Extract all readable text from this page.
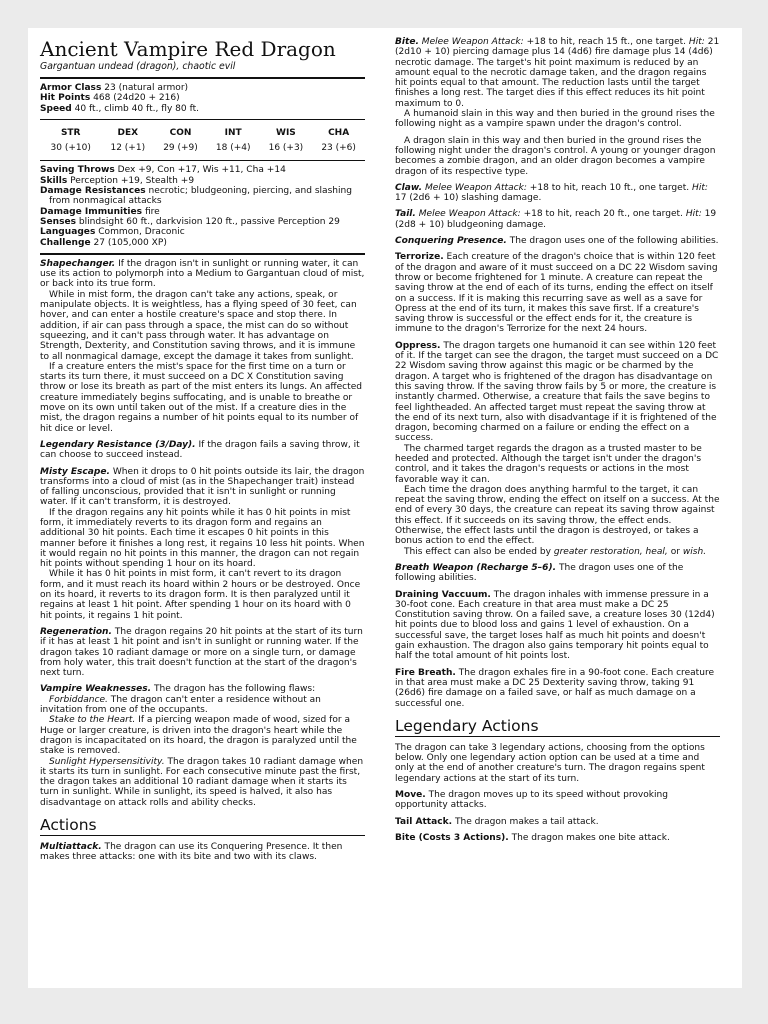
Ancient Vampire Red Dragon
Gargantuan undead (dragon), chaotic evil

Armor Class 23 (natural armor)

Hit Points 468 (24d20 + 216)

Speed 40 ft., climb 40 ft., fly 80 ft.

STR	DEX	CON	INT	WIS	CHA
30 (+10)	12 (+1)	29 (+9)	18 (+4)	16 (+3)	23 (+6)

Saving Throws Dex +9, Con +17, Wis +11, Cha +14

Skills Perception +19, Stealth +9

Damage Resistances necrotic; bludgeoning, piercing, and slashing from nonmagical attacks

Damage Immunities fire

Senses blindsight 60 ft., darkvision 120 ft., passive Perception 29

Languages Common, Draconic

Challenge 27 (105,000 XP)

Shapechanger. If the dragon isn't in sunlight or running water, it can use its action to polymorph into a Medium to Gargantuan cloud of mist, or back into its true form.

While in mist form, the dragon can't take any actions, speak, or manipulate objects. It is weightless, has a flying speed of 30 feet, can hover, and can enter a hostile creature's space and stop there. In addition, if air can pass through a space, the mist can do so without squeezing, and it can't pass through water. It has advantage on Strength, Dexterity, and Constitution saving throws, and it is immune to all nonmagical damage, except the damage it takes from sunlight.

If a creature enters the mist's space for the first time on a turn or starts its turn there, it must succeed on a DC X Constitution saving throw or lose its breath as part of the mist enters its lungs. An affected creature immediately begins suffocating, and is unable to breathe or move on its own until taken out of the mist. If a creature dies in the mist, the dragon regains a number of hit points equal to its number of hit dice or level.

Legendary Resistance (3/Day). If the dragon fails a saving throw, it can choose to succeed instead.

Misty Escape. When it drops to 0 hit points outside its lair, the dragon transforms into a cloud of mist (as in the Shapechanger trait) instead of falling unconscious, provided that it isn't in sunlight or running water. If it can't transform, it is destroyed.

If the dragon regains any hit points while it has 0 hit points in mist form, it immediately reverts to its dragon form and regains an additional 30 hit points. Each time it escapes 0 hit points in this manner before it finishes a long rest, it regains 10 less hit points. When it would regain no hit points in this manner, the dragon can not regain hit points without spending 1 hour on its hoard.

While it has 0 hit points in mist form, it can't revert to its dragon form, and it must reach its hoard within 2 hours or be destroyed. Once on its hoard, it reverts to its dragon form. It is then paralyzed until it regains at least 1 hit point. After spending 1 hour on its hoard with 0 hit points, it regains 1 hit point.

Regeneration. The dragon regains 20 hit points at the start of its turn if it has at least 1 hit point and isn't in sunlight or running water. If the dragon takes 10 radiant damage or more on a single turn, or damage from holy water, this trait doesn't function at the start of the dragon's next turn.

Vampire Weaknesses. The dragon has the following flaws:

Forbiddance. The dragon can't enter a residence without an invitation from one of the occupants.

Stake to the Heart. If a piercing weapon made of wood, sized for a Huge or larger creature, is driven into the dragon's heart while the dragon is incapacitated on its hoard, the dragon is paralyzed until the stake is removed.

Sunlight Hypersensitivity. The dragon takes 10 radiant damage when it starts its turn in sunlight. For each consecutive minute past the first, the dragon takes an additional 10 radiant damage when it starts its turn in sunlight. While in sunlight, its speed is halved, it also has disadvantage on attack rolls and ability checks.

Actions

Multiattack. The dragon can use its Conquering Presence. It then makes three attacks: one with its bite and two with its claws.

Bite. Melee Weapon Attack: +18 to hit, reach 15 ft., one target. Hit: 21 (2d10 + 10) piercing damage plus 14 (4d6) fire damage plus 14 (4d6) necrotic damage. The target's hit point maximum is reduced by an amount equal to the necrotic damage taken, and the dragon regains hit points equal to that amount. The reduction lasts until the target finishes a long rest. The target dies if this effect reduces its hit point maximum to 0.

A humanoid slain in this way and then buried in the ground rises the following night as a vampire spawn under the dragon's control.

A dragon slain in this way and then buried in the ground rises the following night under the dragon's control. A young or younger dragon becomes a zombie dragon, and an older dragon becomes a vampire dragon of its respective type.

Claw. Melee Weapon Attack: +18 to hit, reach 10 ft., one target. Hit: 17 (2d6 + 10) slashing damage.

Tail. Melee Weapon Attack: +18 to hit, reach 20 ft., one target. Hit: 19 (2d8 + 10) bludgeoning damage.

Conquering Presence. The dragon uses one of the following abilities.

Terrorize. Each creature of the dragon's choice that is within 120 feet of the dragon and aware of it must succeed on a DC 22 Wisdom saving throw or become frightened for 1 minute. A creature can repeat the saving throw at the end of each of its turns, ending the effect on itself on a success. If it is making this recurring save as well as a save for Opress at the end of its turn, it makes this save first. If a creature's saving throw is successful or the effect ends for it, the creature is immune to the dragon's Terrorize for the next 24 hours.

Oppress. The dragon targets one humanoid it can see within 120 feet of it. If the target can see the dragon, the target must succeed on a DC 22 Wisdom saving throw against this magic or be charmed by the dragon. A target who is frightened of the dragon has disadvantage on this saving throw. If the saving throw fails by 5 or more, the creature is instantly charmed. Otherwise, a creature that fails the save begins to feel lightheaded. An affected target must repeat the saving throw at the end of its next turn, also with disadvantage if it is frightened of the dragon, becoming charmed on a failure or ending the effect on a success.

The charmed target regards the dragon as a trusted master to be heeded and protected. Although the target isn't under the dragon's control, and it takes the dragon's requests or actions in the most favorable way it can.

Each time the dragon does anything harmful to the target, it can repeat the saving throw, ending the effect on itself on a success. At the end of every 30 days, the creature can repeat its saving throw against this effect. If it succeeds on its saving throw, the effect ends. Otherwise, the effect lasts until the dragon is destroyed, or takes a bonus action to end the effect.

This effect can also be ended by greater restoration, heal, or wish.

Breath Weapon (Recharge 5–6). The dragon uses one of the following abilities.

Draining Vaccuum. The dragon inhales with immense pressure in a 30-foot cone. Each creature in that area must make a DC 25 Constitution saving throw. On a failed save, a creature loses 30 (12d4) hit points due to blood loss and gains 1 level of exhaustion. On a successful save, the target loses half as much hit points and doesn't gain exhaustion. The dragon also gains temporary hit points equal to half the total amount of hit points lost.

Fire Breath. The dragon exhales fire in a 90-foot cone. Each creature in that area must make a DC 25 Dexterity saving throw, taking 91 (26d6) fire damage on a failed save, or half as much damage on a successful one.

Legendary Actions

The dragon can take 3 legendary actions, choosing from the options below. Only one legendary action option can be used at a time and only at the end of another creature's turn. The dragon regains spent legendary actions at the start of its turn.

Move. The dragon moves up to its speed without provoking opportunity attacks.

Tail Attack. The dragon makes a tail attack.

Bite (Costs 3 Actions). The dragon makes one bite attack.
